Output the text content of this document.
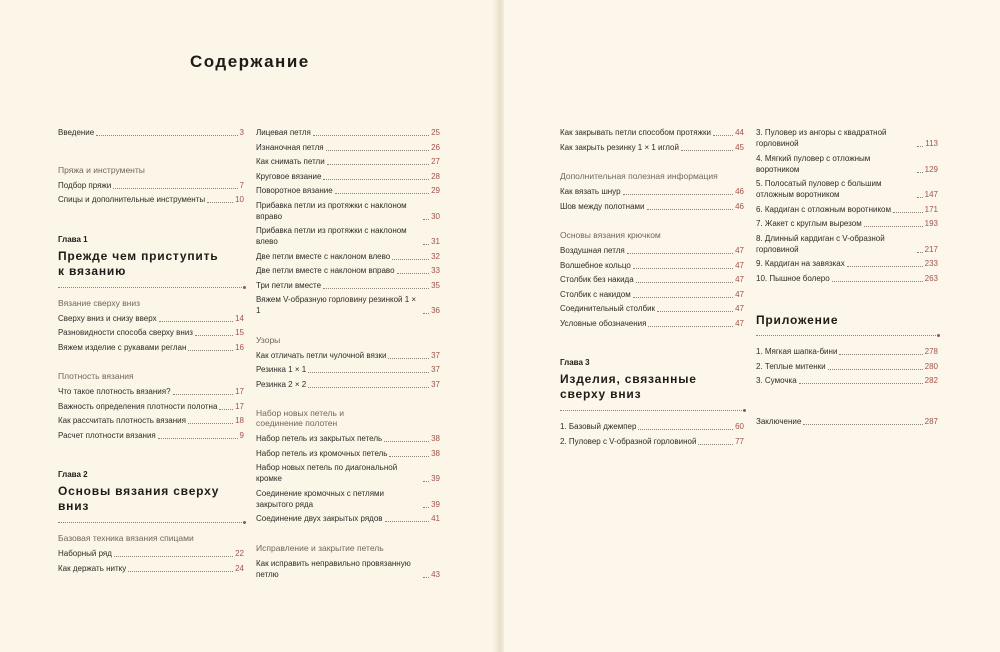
Содержание
Введение	3
Пряжа и инструменты
Подбор пряжи	7
Спицы и дополнительные инструменты	10
Глава 1
Прежде чем приступить к вязанию
Вязание сверху вниз
Сверху вниз и снизу вверх	14
Разновидности способа сверху вниз	15
Вяжем изделие с рукавами реглан	16
Плотность вязания
Что такое плотность вязания?	17
Важность определения плотности полотна 17
Как рассчитать плотность вязания	18
Расчет плотности вязания	9
Глава 2
Основы вязания сверху вниз
Базовая техника вязания спицами
Наборный ряд	22
Как держать нитку	24
Лицевая петля	25
Изнаночная петля	26
Как снимать петли	27
Круговое вязание	28
Поворотное вязание	29
Прибавка петли из протяжки с наклоном вправо	30
Прибавка петли из протяжки с наклоном влево	31
Две петли вместе с наклоном влево	32
Две петли вместе с наклоном вправо	33
Три петли вместе	35
Вяжем V-образную горловину резинкой 1 × 1	36
Узоры
Как отличать петли чулочной вязки	37
Резинка 1 × 1	37
Резинка 2 × 2	37
Набор новых петель и соединение полотен
Набор петель из закрытых петель	38
Набор петель из кромочных петель	38
Набор новых петель по диагональной кромке	39
Соединение кромочных с петлями закрытого ряда	39
Соединение двух закрытых рядов	41
Исправление и закрытие петель
Как исправить неправильно провязанную петлю	43
Как закрывать петли способом протяжки	44
Как закрыть резинку 1 × 1 иглой	45
Дополнительная полезная информация
Как вязать шнур	46
Шов между полотнами	46
Основы вязания крючком
Воздушная петля	47
Волшебное кольцо	47
Столбик без накида	47
Столбик с накидом	47
Соединительный столбик	47
Условные обозначения	47
Глава 3
Изделия, связанные сверху вниз
1. Базовый джемпер	60
2. Пуловер с V-образной горловиной	77
3. Пуловер из ангоры с квадратной горловиной	113
4. Мягкий пуловер с отложным воротником	129
5. Полосатый пуловер с большим отложным воротником	147
6. Кардиган с отложным воротником	171
7. Жакет с круглым вырезом	193
8. Длинный кардиган с V-образной горловиной	217
9. Кардиган на завязках	233
10. Пышное болеро	263
Приложение
1. Мягкая шапка-бини	278
2. Теплые митенки	280
3. Сумочка	282
Заключение	287
